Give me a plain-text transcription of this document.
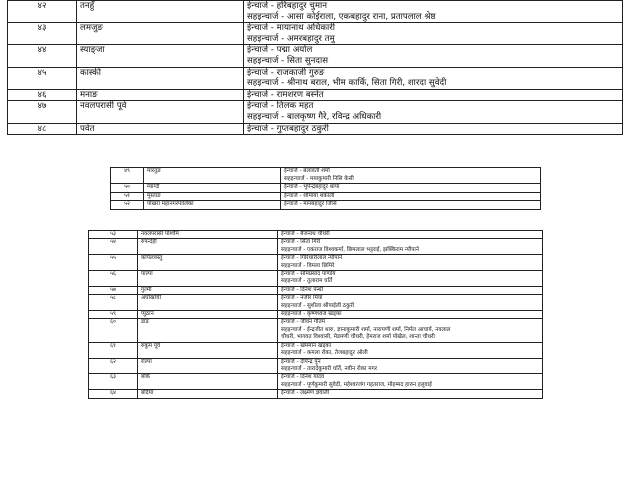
४२	तनहुँ	ईन्चार्ज - हरिबहादुर चुमान
सहइन्चार्ज - आसा कोईराला, एकबहादुर राना, प्रतापलाल श्रेष्ठ

४३	लमजुङ	ईन्चार्ज - मायानाथ अधिकारी
सहइन्चार्ज - अमरबहादुर तमु

४४	स्याङ्जा	ईन्चार्ज - पद्मा अर्याल
सहइन्चार्ज - सिता सुनदास

४५	कास्की	ईन्चार्ज - राजकाजी गुरुङ
सहइन्चार्ज - श्रीनाथ बराल, भीम कार्कि, सिता गिरी, शारदा सुवेदी

४६	मनाङ	ईन्चार्ज - रामशरण बस्नेत

४७	नवलपरासी पूर्व	ईन्चार्ज - तिलक महत
सहइन्चार्ज - बालकृष्ण गैरे, रविन्द्र अधिकारी

४८	पर्वत	ईन्चार्ज - गुप्तबहादुर ठकुरी
४९	मारतुङ	ईन्चार्ज - बलावती शर्मा
सहइन्चार्ज - ममाकुमारी निसि केसी

५०	म्याग्दी	ईन्चार्ज - भुपेन्द्रबहादुर थापा

५१	मुस्ताङ	ईन्चार्ज - शीमाया थकाली

५२	पोखरा महानगरपालिका	ईन्चार्ज - मानबहादुर जिसि
५३	नवलपरासी पश्चिम	ईन्चार्ज - बैजनाथ चौधरी

५४	रुपन्देही	ईन्चार्ज - सिता गिरी
सहइन्चार्ज - एकराज विश्वकर्मा, छिमलाल भट्टराई, झक्किराम न्यौपाने

५५	कपिलवस्तु	ईन्चार्ज - गिरिधारीलाल न्यौपाने
सहइन्चार्ज - विमला छिमिरे

५६	पाल्पा	ईन्चार्ज - सोमप्रसाद पाण्डेय
सहइन्चार्ज - तुलाराम घर्ति

५७	गुल्मी	ईन्चार्ज - दिनेश पन्थी

५८	अर्घाखाँची	ईन्चार्ज - नजीर मिया
सहइन्चार्ज - सुशीला श्रीपाईली ठकुरी

५९	प्युठान	सहइन्चार्ज - कृष्णध्वज खड्का

६०	डाङ	ईन्चार्ज - जीवन गौतम
सहइन्चार्ज - ईन्द्रजीत थारु, ज्ञानाकुमारी शर्मा, नारायणी शर्मा, निर्मल आचार्य, नवलाल
चौधरी, भागवत विश्वासी, मेडमणी चौधरी, हेमराज शर्मा पोखेल, शान्ता चौधरी

६१	रुकुम पूर्व	ईन्चार्ज - खेममान खड्का
सहइन्चार्ज - कमला रोका, तेजबहादुर ओली

६२	रोल्पा	ईन्चार्ज - दीपेन्द्र पुन
सहइन्चार्ज - तारादेकुमारी घर्ति, नवीन रोका मगर

६३	बाँके	ईन्चार्ज - दिनेश यादव
सहइन्चार्ज - पूर्णकुमारी सुवेदी, महेश्वरजंग गहतराज, मोहम्मद हारुन हलुवाई

६४	बर्दिया	ईन्चार्ज - लक्ष्मण ज्ञवाली
